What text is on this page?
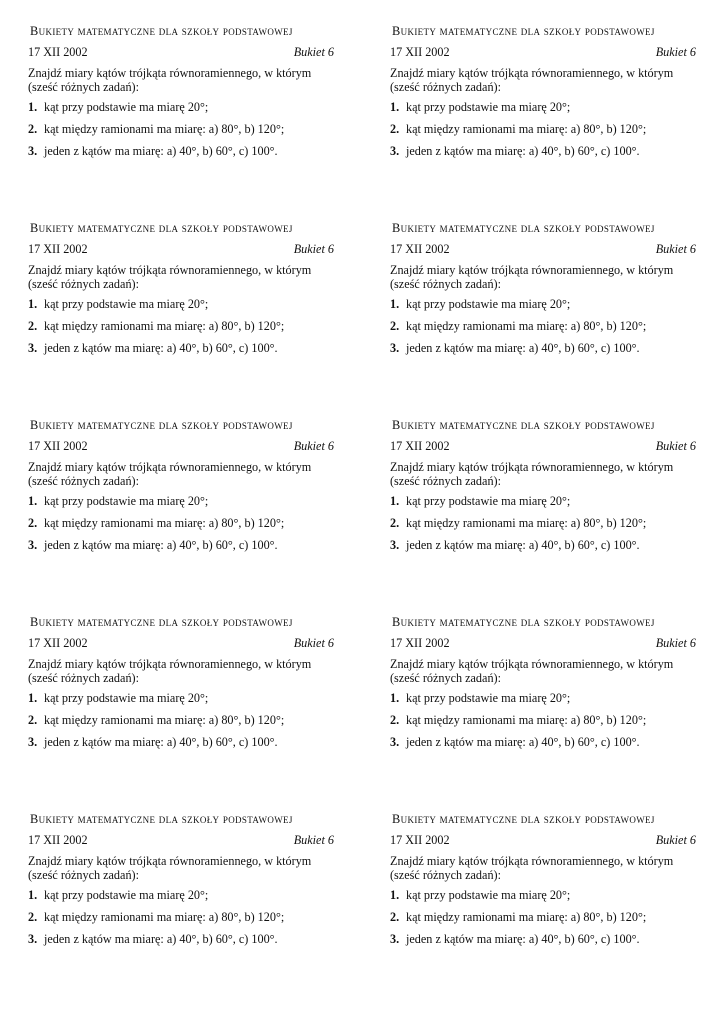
Bukiety matematyczne dla szkoły podstawowej
17 XII 2002	Bukiet 6
Znajdź miary kątów trójkąta równoramiennego, w którym (sześć różnych zadań):
1. kąt przy podstawie ma miarę 20°;
2. kąt między ramionami ma miarę: a) 80°, b) 120°;
3. jeden z kątów ma miarę: a) 40°, b) 60°, c) 100°.
Bukiety matematyczne dla szkoły podstawowej
17 XII 2002	Bukiet 6
Znajdź miary kątów trójkąta równoramiennego, w którym (sześć różnych zadań):
1. kąt przy podstawie ma miarę 20°;
2. kąt między ramionami ma miarę: a) 80°, b) 120°;
3. jeden z kątów ma miarę: a) 40°, b) 60°, c) 100°.
Bukiety matematyczne dla szkoły podstawowej
17 XII 2002	Bukiet 6
Znajdź miary kątów trójkąta równoramiennego, w którym (sześć różnych zadań):
1. kąt przy podstawie ma miarę 20°;
2. kąt między ramionami ma miarę: a) 80°, b) 120°;
3. jeden z kątów ma miarę: a) 40°, b) 60°, c) 100°.
Bukiety matematyczne dla szkoły podstawowej
17 XII 2002	Bukiet 6
Znajdź miary kątów trójkąta równoramiennego, w którym (sześć różnych zadań):
1. kąt przy podstawie ma miarę 20°;
2. kąt między ramionami ma miarę: a) 80°, b) 120°;
3. jeden z kątów ma miarę: a) 40°, b) 60°, c) 100°.
Bukiety matematyczne dla szkoły podstawowej
17 XII 2002	Bukiet 6
Znajdź miary kątów trójkąta równoramiennego, w którym (sześć różnych zadań):
1. kąt przy podstawie ma miarę 20°;
2. kąt między ramionami ma miarę: a) 80°, b) 120°;
3. jeden z kątów ma miarę: a) 40°, b) 60°, c) 100°.
Bukiety matematyczne dla szkoły podstawowej
17 XII 2002	Bukiet 6
Znajdź miary kątów trójkąta równoramiennego, w którym (sześć różnych zadań):
1. kąt przy podstawie ma miarę 20°;
2. kąt między ramionami ma miarę: a) 80°, b) 120°;
3. jeden z kątów ma miarę: a) 40°, b) 60°, c) 100°.
Bukiety matematyczne dla szkoły podstawowej
17 XII 2002	Bukiet 6
Znajdź miary kątów trójkąta równoramiennego, w którym (sześć różnych zadań):
1. kąt przy podstawie ma miarę 20°;
2. kąt między ramionami ma miarę: a) 80°, b) 120°;
3. jeden z kątów ma miarę: a) 40°, b) 60°, c) 100°.
Bukiety matematyczne dla szkoły podstawowej
17 XII 2002	Bukiet 6
Znajdź miary kątów trójkąta równoramiennego, w którym (sześć różnych zadań):
1. kąt przy podstawie ma miarę 20°;
2. kąt między ramionami ma miarę: a) 80°, b) 120°;
3. jeden z kątów ma miarę: a) 40°, b) 60°, c) 100°.
Bukiety matematyczne dla szkoły podstawowej
17 XII 2002	Bukiet 6
Znajdź miary kątów trójkąta równoramiennego, w którym (sześć różnych zadań):
1. kąt przy podstawie ma miarę 20°;
2. kąt między ramionami ma miarę: a) 80°, b) 120°;
3. jeden z kątów ma miarę: a) 40°, b) 60°, c) 100°.
Bukiety matematyczne dla szkoły podstawowej
17 XII 2002	Bukiet 6
Znajdź miary kątów trójkąta równoramiennego, w którym (sześć różnych zadań):
1. kąt przy podstawie ma miarę 20°;
2. kąt między ramionami ma miarę: a) 80°, b) 120°;
3. jeden z kątów ma miarę: a) 40°, b) 60°, c) 100°.
